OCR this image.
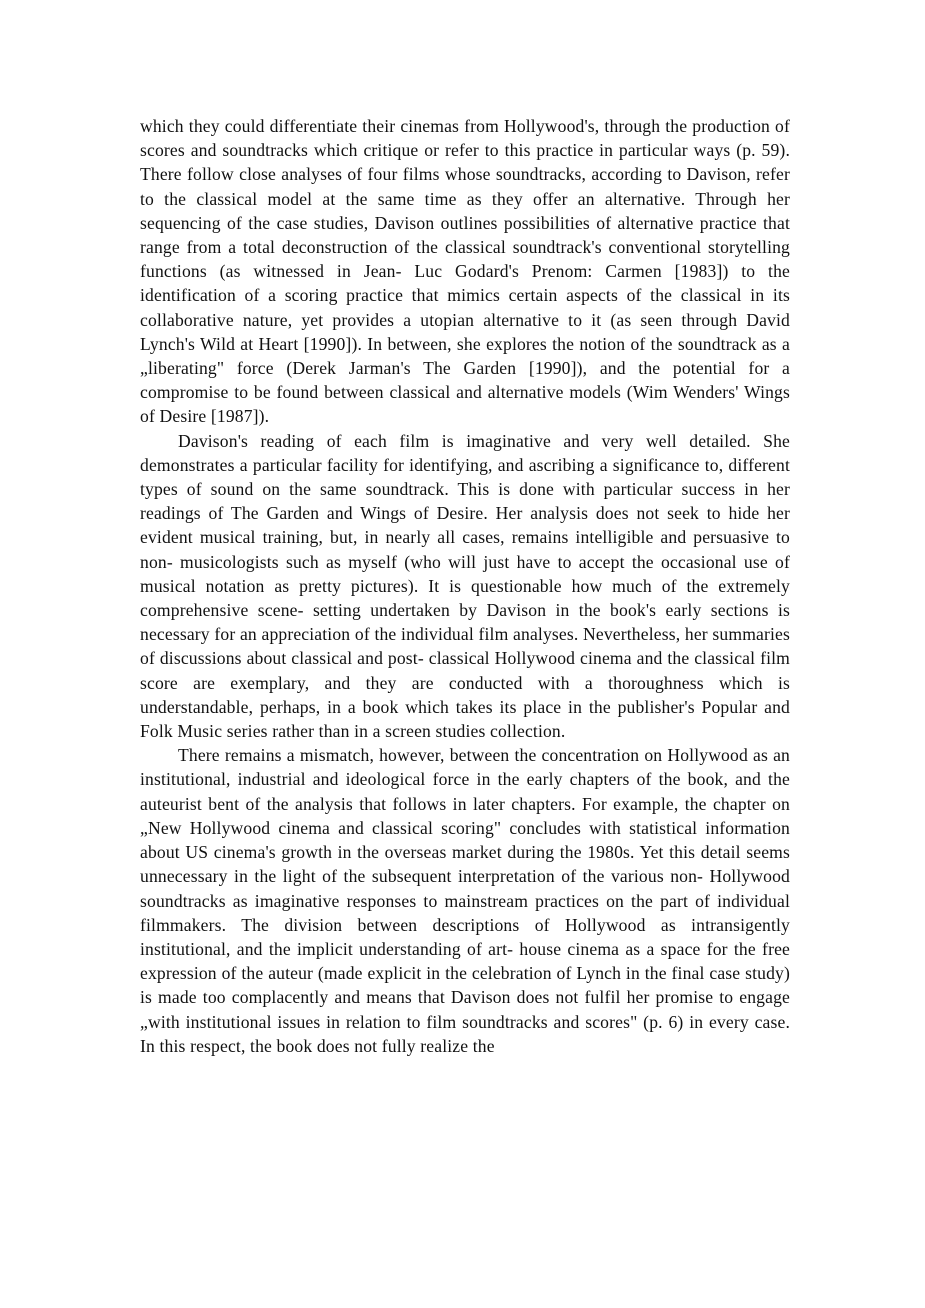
which they could differentiate their cinemas from Hollywood's, through the production of scores and soundtracks which critique or refer to this practice in particular ways (p. 59). There follow close analyses of four films whose soundtracks, according to Davison, refer to the classical model at the same time as they offer an alternative. Through her sequencing of the case studies, Davison outlines possibilities of alternative practice that range from a total deconstruction of the classical soundtrack's conventional storytelling functions (as witnessed in Jean- Luc Godard's Prenom: Carmen [1983]) to the identification of a scoring practice that mimics certain aspects of the classical in its collaborative nature, yet provides a utopian alternative to it (as seen through David Lynch's Wild at Heart [1990]). In between, she explores the notion of the soundtrack as a „liberating" force (Derek Jarman's The Garden [1990]), and the potential for a compromise to be found between classical and alternative models (Wim Wenders' Wings of Desire [1987]).

Davison's reading of each film is imaginative and very well detailed. She demonstrates a particular facility for identifying, and ascribing a significance to, different types of sound on the same soundtrack. This is done with particular success in her readings of The Garden and Wings of Desire. Her analysis does not seek to hide her evident musical training, but, in nearly all cases, remains intelligible and persuasive to non- musicologists such as myself (who will just have to accept the occasional use of musical notation as pretty pictures). It is questionable how much of the extremely comprehensive scene- setting undertaken by Davison in the book's early sections is necessary for an appreciation of the individual film analyses. Nevertheless, her summaries of discussions about classical and post- classical Hollywood cinema and the classical film score are exemplary, and they are conducted with a thoroughness which is understandable, perhaps, in a book which takes its place in the publisher's Popular and Folk Music series rather than in a screen studies collection.

There remains a mismatch, however, between the concentration on Hollywood as an institutional, industrial and ideological force in the early chapters of the book, and the auteurist bent of the analysis that follows in later chapters. For example, the chapter on „New Hollywood cinema and classical scoring" concludes with statistical information about US cinema's growth in the overseas market during the 1980s. Yet this detail seems unnecessary in the light of the subsequent interpretation of the various non- Hollywood soundtracks as imaginative responses to mainstream practices on the part of individual filmmakers. The division between descriptions of Hollywood as intransigently institutional, and the implicit understanding of art- house cinema as a space for the free expression of the auteur (made explicit in the celebration of Lynch in the final case study) is made too complacently and means that Davison does not fulfil her promise to engage „with institutional issues in relation to film soundtracks and scores" (p. 6) in every case. In this respect, the book does not fully realize the
